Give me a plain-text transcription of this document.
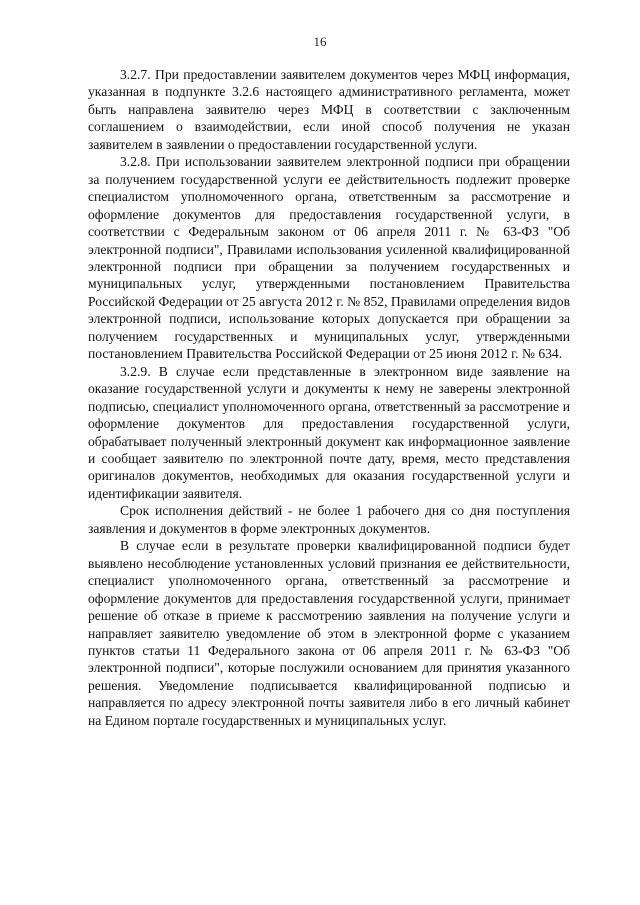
16

3.2.7. При предоставлении заявителем документов через МФЦ информация, указанная в подпункте 3.2.6 настоящего административного регламента, может быть направлена заявителю через МФЦ в соответствии с заключенным соглашением о взаимодействии, если иной способ получения не указан заявителем в заявлении о предоставлении государственной услуги.

3.2.8. При использовании заявителем электронной подписи при обращении за получением государственной услуги ее действительность подлежит проверке специалистом уполномоченного органа, ответственным за рассмотрение и оформление документов для предоставления государственной услуги, в соответствии с Федеральным законом от 06 апреля 2011 г. № 63-ФЗ "Об электронной подписи", Правилами использования усиленной квалифицированной электронной подписи при обращении за получением государственных и муниципальных услуг, утвержденными постановлением Правительства Российской Федерации от 25 августа 2012 г. № 852, Правилами определения видов электронной подписи, использование которых допускается при обращении за получением государственных и муниципальных услуг, утвержденными постановлением Правительства Российской Федерации от 25 июня 2012 г. № 634.

3.2.9. В случае если представленные в электронном виде заявление на оказание государственной услуги и документы к нему не заверены электронной подписью, специалист уполномоченного органа, ответственный за рассмотрение и оформление документов для предоставления государственной услуги, обрабатывает полученный электронный документ как информационное заявление и сообщает заявителю по электронной почте дату, время, место представления оригиналов документов, необходимых для оказания государственной услуги и идентификации заявителя.

Срок исполнения действий - не более 1 рабочего дня со дня поступления заявления и документов в форме электронных документов.

В случае если в результате проверки квалифицированной подписи будет выявлено несоблюдение установленных условий признания ее действительности, специалист уполномоченного органа, ответственный за рассмотрение и оформление документов для предоставления государственной услуги, принимает решение об отказе в приеме к рассмотрению заявления на получение услуги и направляет заявителю уведомление об этом в электронной форме с указанием пунктов статьи 11 Федерального закона от 06 апреля 2011 г. № 63-ФЗ "Об электронной подписи", которые послужили основанием для принятия указанного решения. Уведомление подписывается квалифицированной подписью и направляется по адресу электронной почты заявителя либо в его личный кабинет на Едином портале государственных и муниципальных услуг.
